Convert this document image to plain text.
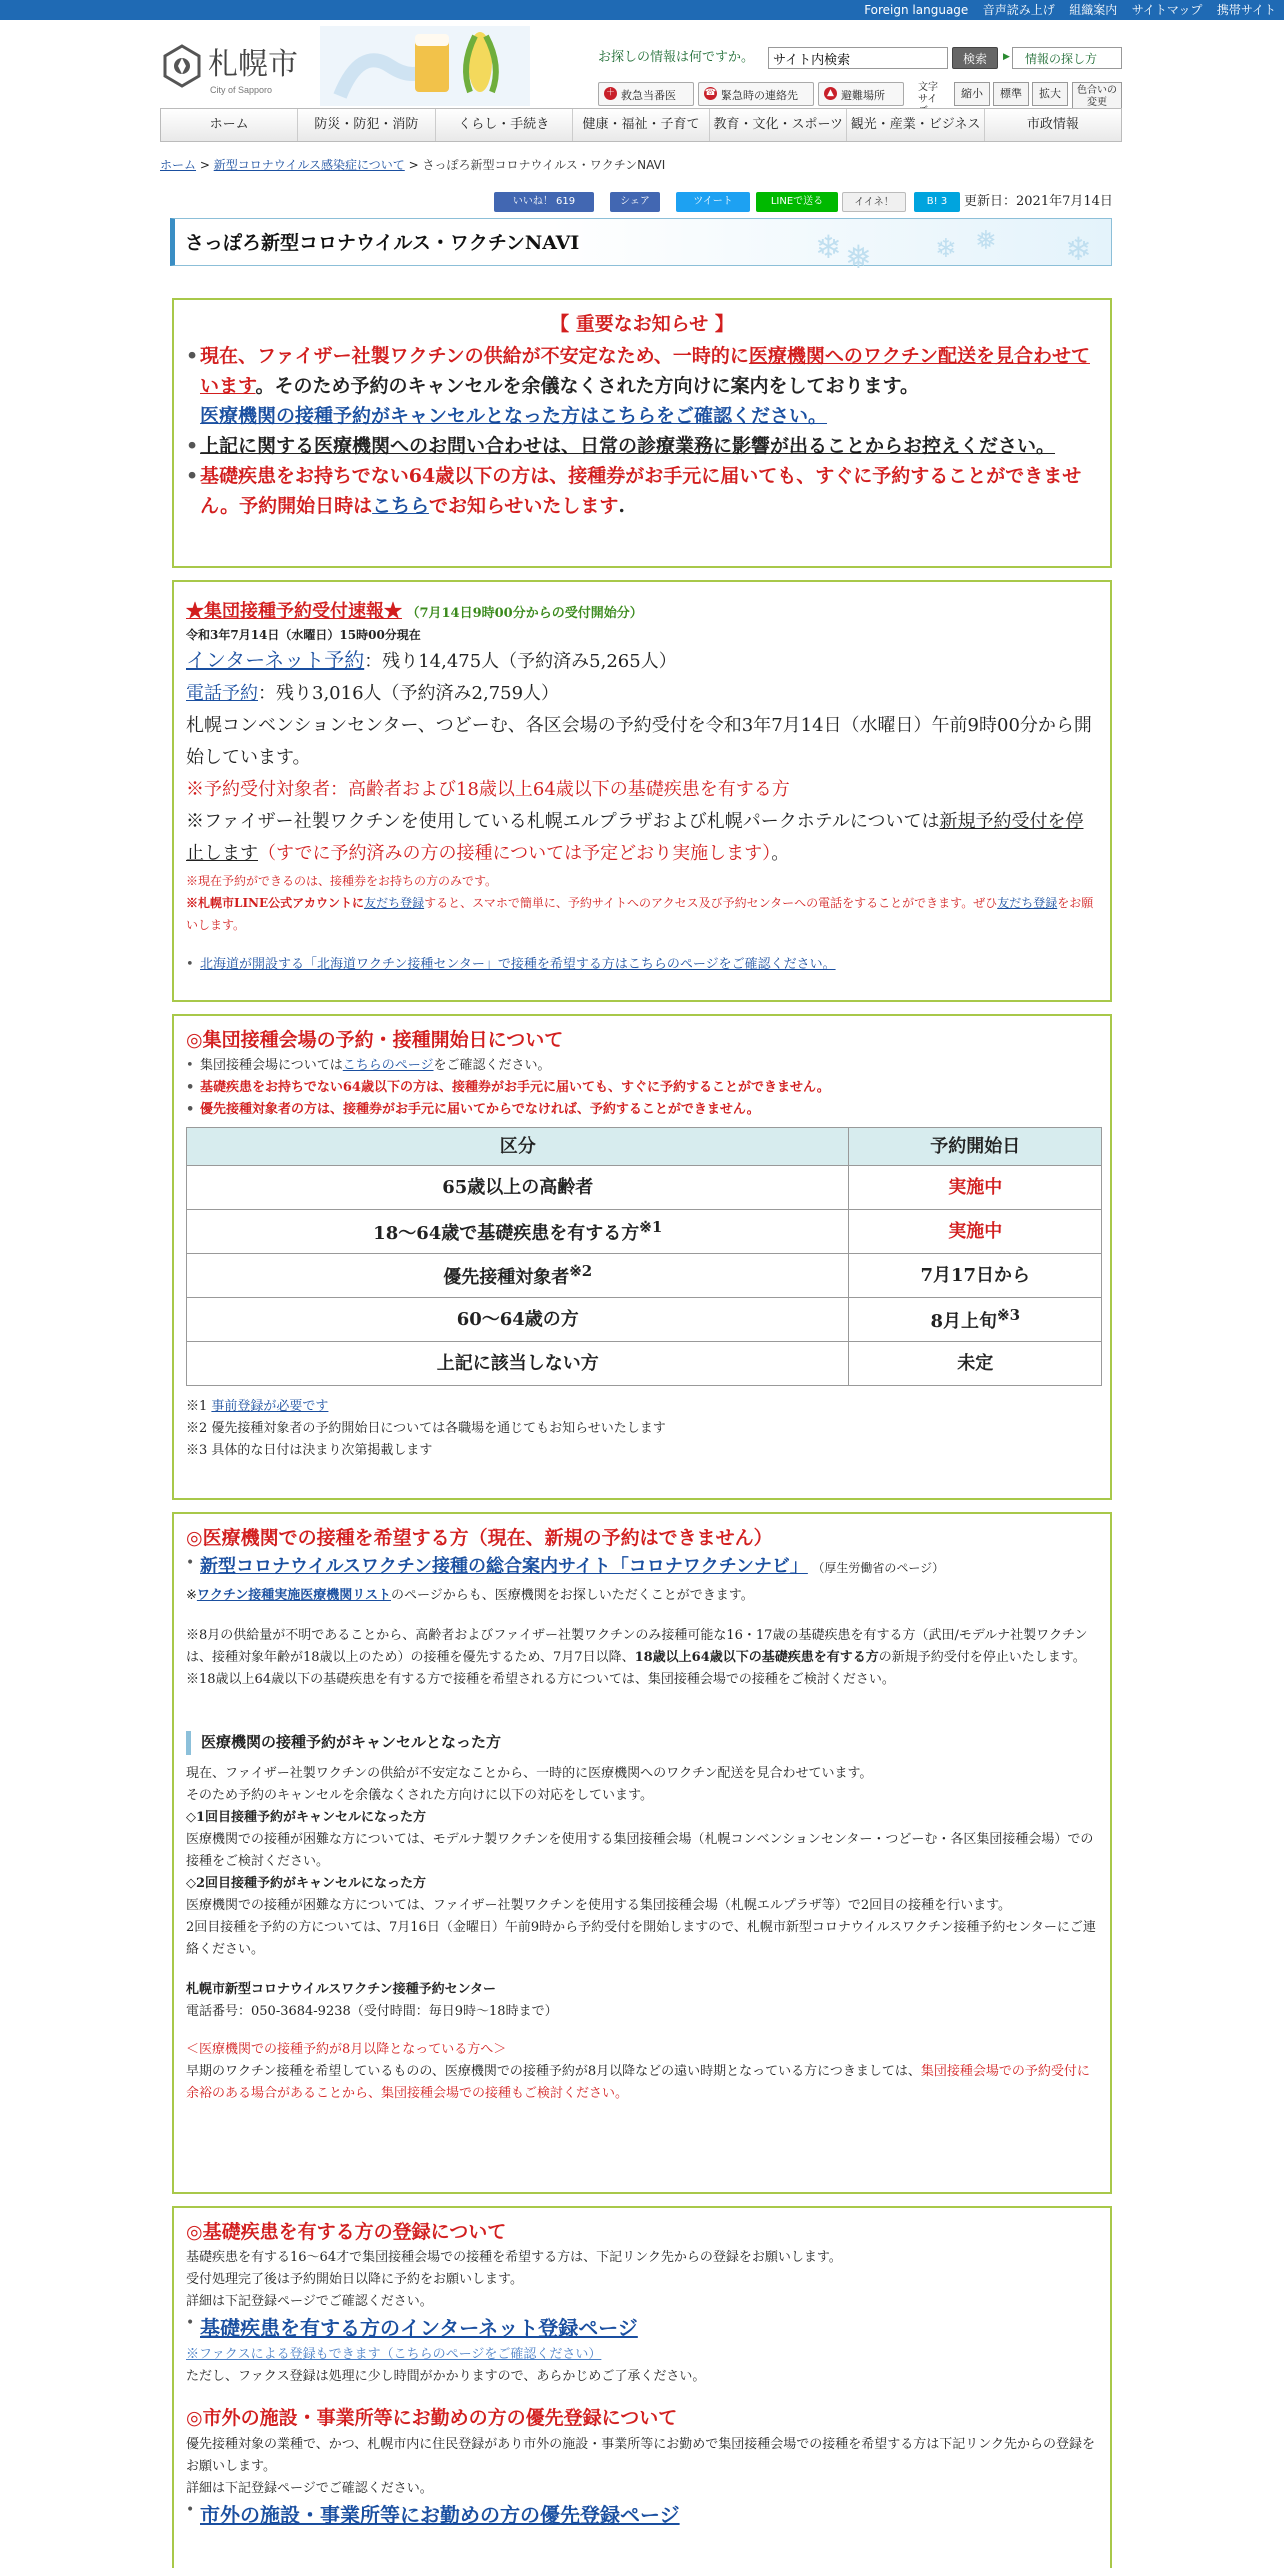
Foreign language 音声読み上げ 組織案内 サイトマップ 携帯サイト
札幌市
City of Sapporo
お探しの情報は何ですか。
サイト内検索	検索	▶ 情報の探し方
＋ 救急当番医	☎ 緊急時の連絡先	▲ 避難場所
文字サイ	縮小	標準	拡大	色合いの変更
ホーム	防災・防犯・消防	くらし・手続き	健康・福祉・子育て	教育・文化・スポーツ 観光・産業・ビジネス	市政情報
ホーム > 新型コロナウイルス感染症について > さっぽろ新型コロナウイルス・ワクチンNAVI
いいね！ 619	シェア	ツイート	LINEで送る	イイネ！	B! 3	更新日：2021年7月14日
さっぽろ新型コロナウイルス・ワクチンNAVI	❄ ❅ ❄ ❅ ❄
【 重要なお知らせ 】
• 現在、ファイザー社製ワクチンの供給が不安定なため、一時的に医療機関へのワクチン配送を見合わせています。そのため予約のキャンセルを余儀なくされた方向けに案内をしております。
医療機関の接種予約がキャンセルとなった方はこちらをご確認ください。
• 上記に関する医療機関へのお問い合わせは、日常の診療業務に影響が出ることからお控えください。
• 基礎疾患をお持ちでない64歳以下の方は、接種券がお手元に届いても、すぐに予約することができません。予約開始日時はこちらでお知らせいたします.
★集団接種予約受付速報★ （7月14日9時00分からの受付開始分）
令和3年7月14日（水曜日）15時00分現在
インターネット予約：残り14,475人（予約済み5,265人）
電話予約：残り3,016人（予約済み2,759人）
札幌コンベンションセンター、つどーむ、各区会場の予約受付を令和3年7月14日（水曜日）午前9時00分から開始しています。
※予約受付対象者：高齢者および18歳以上64歳以下の基礎疾患を有する方
※ファイザー社製ワクチンを使用している札幌エルプラザおよび札幌パークホテルについては新規予約受付を停止します（すでに予約済みの方の接種については予定どおり実施します）。
※現在予約ができるのは、接種券をお持ちの方のみです。
※札幌市LINE公式アカウントに友だち登録すると、スマホで簡単に、予約サイトへのアクセス及び予約センターへの電話をすることができます。ぜひ友だち登録をお願いします。
• 北海道が開設する「北海道ワクチン接種センター」で接種を希望する方はこちらのページをご確認ください。
◎集団接種会場の予約・接種開始日について
• 集団接種会場についてはこちらのページをご確認ください。
• 基礎疾患をお持ちでない64歳以下の方は、接種券がお手元に届いても、すぐに予約することができません。
• 優先接種対象者の方は、接種券がお手元に届いてからでなければ、予約することができません。
区分	予約開始日
65歳以上の高齢者	実施中
18～64歳で基礎疾患を有する方$^{※1}$	実施中
優先接種対象者$^{※2}$	7月17日から
60～64歳の方	8月上旬$^{※3}$
上記に該当しない方	未定
※1 事前登録が必要です
※2 優先接種対象者の予約開始日については各職場を通じてもお知らせいたします
※3 具体的な日付は決まり次第掲載します
◎医療機関での接種を希望する方（現在、新規の予約はできません）
• 新型コロナウイルスワクチン接種の総合案内サイト「コロナワクチンナビ」 （厚生労働省のページ）
※ワクチン接種実施医療機関リストのページからも、医療機関をお探しいただくことができます。
※8月の供給量が不明であることから、高齢者およびファイザー社製ワクチンのみ接種可能な16・17歳の基礎疾患を有する方（武田/モデルナ社製ワクチンは、接種対象年齢が18歳以上のため）の接種を優先するため、7月7日以降、18歳以上64歳以下の基礎疾患を有する方の新規予約受付を停止いたします。
※18歳以上64歳以下の基礎疾患を有する方で接種を希望される方については、集団接種会場での接種をご検討ください。
医療機関の接種予約がキャンセルとなった方
現在、ファイザー社製ワクチンの供給が不安定なことから、一時的に医療機関へのワクチン配送を見合わせています。
そのため予約のキャンセルを余儀なくされた方向けに以下の対応をしています。
◇1回目接種予約がキャンセルになった方
医療機関での接種が困難な方については、モデルナ製ワクチンを使用する集団接種会場（札幌コンベンションセンター・つどーむ・各区集団接種会場）での接種をご検討ください。
◇2回目接種予約がキャンセルになった方
医療機関での接種が困難な方については、ファイザー社製ワクチンを使用する集団接種会場（札幌エルプラザ等）で2回目の接種を行います。
2回目接種を予約の方については、7月16日（金曜日）午前9時から予約受付を開始しますので、札幌市新型コロナウイルスワクチン接種予約センターにご連絡ください。
札幌市新型コロナウイルスワクチン接種予約センター
電話番号：050-3684-9238（受付時間：毎日9時～18時まで）
＜医療機関での接種予約が8月以降となっている方へ＞
早期のワクチン接種を希望しているものの、医療機関での接種予約が8月以降などの遠い時期となっている方につきましては、集団接種会場での予約受付に余裕のある場合があることから、集団接種会場での接種もご検討ください。
◎基礎疾患を有する方の登録について
基礎疾患を有する16～64才で集団接種会場での接種を希望する方は、下記リンク先からの登録をお願いします。
受付処理完了後は予約開始日以降に予約をお願いします。
詳細は下記登録ページでご確認ください。
• 基礎疾患を有する方のインターネット登録ページ
※ファクスによる登録もできます（こちらのページをご確認ください）
ただし、ファクス登録は処理に少し時間がかかりますので、あらかじめご了承ください。
◎市外の施設・事業所等にお勤めの方の優先登録について
優先接種対象の業種で、かつ、札幌市内に住民登録があり市外の施設・事業所等にお勤めで集団接種会場での接種を希望する方は下記リンク先からの登録をお願いします。
詳細は下記登録ページでご確認ください。
• 市外の施設・事業所等にお勤めの方の優先登録ページ
